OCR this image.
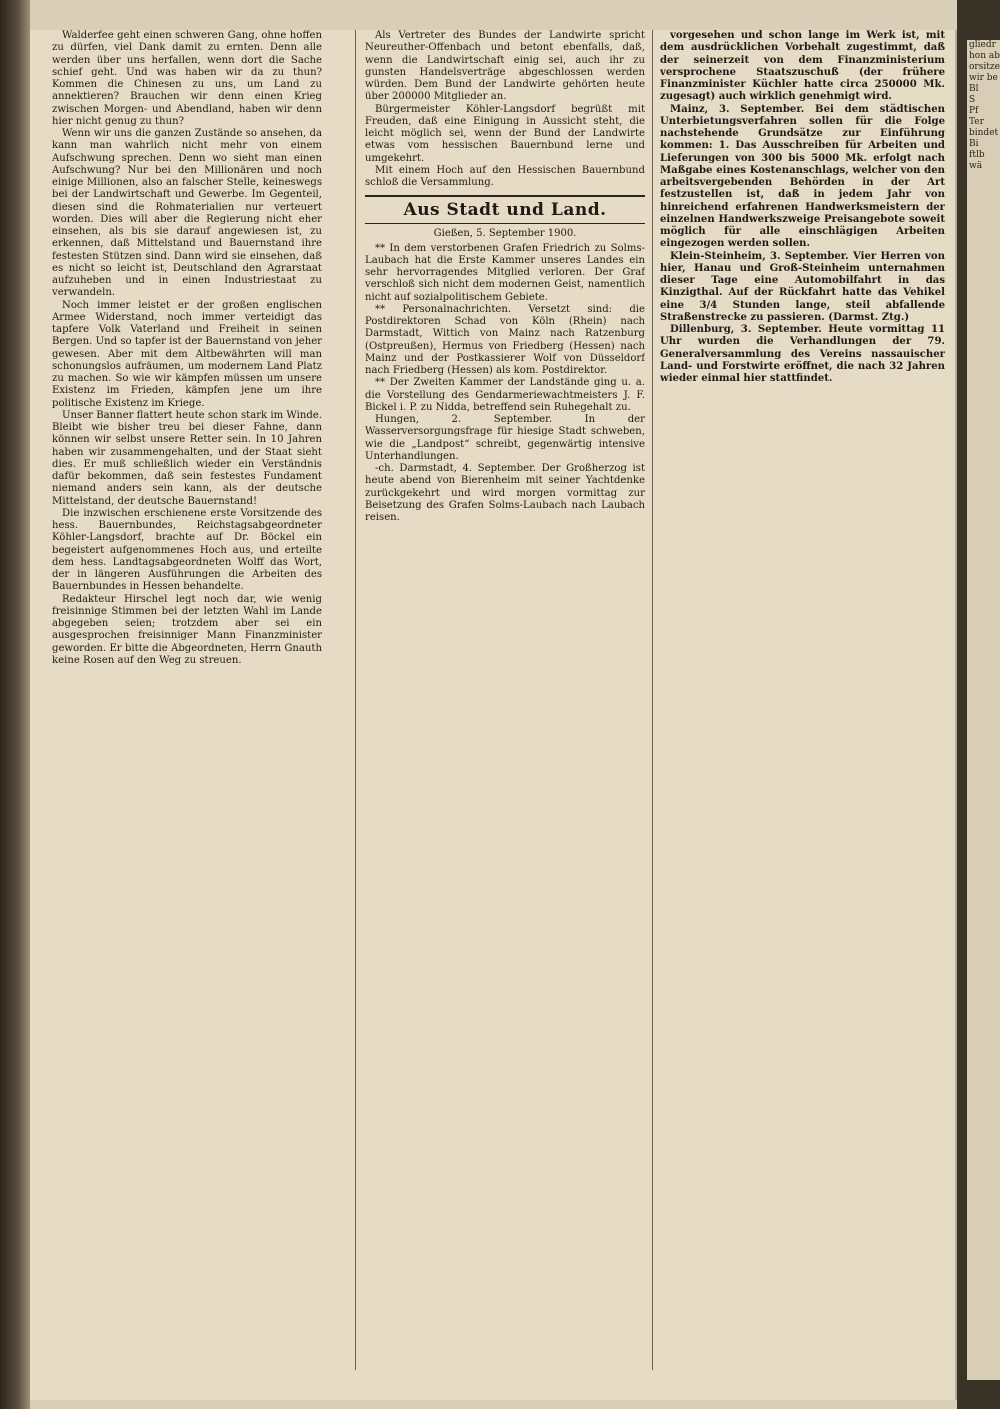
Walderfee geht einen schweren Gang, ohne hoffen zu dürfen, viel Dank damit zu ernten. Denn alle werden über uns herfallen, wenn dort die Sache schief geht. Und was haben wir da zu thun? Kommen die Chinesen zu uns, um Land zu annektieren? Brauchen wir denn einen Krieg zwischen Morgen- und Abendland, haben wir denn hier nicht genug zu thun?

Wenn wir uns die ganzen Zustände so ansehen, da kann man wahrlich nicht mehr von einem Aufschwung sprechen. Denn wo sieht man einen Aufschwung? Nur bei den Millionären und noch einige Millionen, also an falscher Stelle, keineswegs bei der Landwirtschaft und Gewerbe. Im Gegenteil, diesen sind die Rohmaterialien nur verteuert worden. Dies will aber die Regierung nicht eher einsehen, als bis sie darauf angewiesen ist, zu erkennen, daß Mittelstand und Bauernstand ihre festesten Stützen sind. Dann wird sie einsehen, daß es nicht so leicht ist, Deutschland den Agrarstaat aufzuheben und in einen Industriestaat zu verwandeln.

Noch immer leistet er der großen englischen Armee Widerstand, noch immer verteidigt das tapfere Volk Vaterland und Freiheit in seinen Bergen. Und so tapfer ist der Bauernstand von jeher gewesen. Aber mit dem Altbewährten will man schonungslos aufräumen, um modernem Land Platz zu machen. So wie wir kämpfen müssen um unsere Existenz im Frieden, kämpfen jene um ihre politische Existenz im Kriege.

Unser Banner flattert heute schon stark im Winde. Bleibt wie bisher treu bei dieser Fahne, dann können wir selbst unsere Retter sein. In 10 Jahren haben wir zusammengehalten, und der Staat sieht dies. Er muß schließlich wieder ein Verständnis dafür bekommen, daß sein festestes Fundament niemand anders sein kann, als der deutsche Mittelstand, der deutsche Bauernstand!

Die inzwischen erschienene erste Vorsitzende des hess. Bauernbundes, Reichstagsabgeordneter Köhler-Langsdorf, brachte auf Dr. Böckel ein begeistert aufgenommenes Hoch aus, und erteilte dem hess. Landtagsabgeordneten Wolff das Wort, der in längeren Ausführungen die Arbeiten des Bauernbundes in Hessen behandelte.

Redakteur Hirschel legt noch dar, wie wenig freisinnige Stimmen bei der letzten Wahl im Lande abgegeben seien; trotzdem aber sei ein ausgesprochen freisinniger Mann Finanzminister geworden. Er bitte die Abgeordneten, Herrn Gnauth keine Rosen auf den Weg zu streuen.

Als Vertreter des Bundes der Landwirte spricht Neureuther-Offenbach und betont ebenfalls, daß, wenn die Landwirtschaft einig sei, auch ihr zu gunsten Handelsverträge abgeschlossen werden würden. Dem Bund der Landwirte gehörten heute über 200000 Mitglieder an.

Bürgermeister Köhler-Langsdorf begrüßt mit Freuden, daß eine Einigung in Aussicht steht, die leicht möglich sei, wenn der Bund der Landwirte etwas vom hessischen Bauernbund lerne und umgekehrt.

Mit einem Hoch auf den Hessischen Bauernbund schloß die Versammlung.

Aus Stadt und Land.
Gießen, 5. September 1900.

** In dem verstorbenen Grafen Friedrich zu Solms-Laubach hat die Erste Kammer unseres Landes ein sehr hervorragendes Mitglied verloren. Der Graf verschloß sich nicht dem modernen Geist, namentlich nicht auf sozialpolitischem Gebiete.

** Personalnachrichten. Versetzt sind: die Postdirektoren Schad von Köln (Rhein) nach Darmstadt, Wittich von Mainz nach Ratzenburg (Ostpreußen), Hermus von Friedberg (Hessen) nach Mainz und der Postkassierer Wolf von Düsseldorf nach Friedberg (Hessen) als kom. Postdirektor.

** Der Zweiten Kammer der Landstände ging u. a. die Vorstellung des Gendarmeriewachtmeisters J. F. Bickel i. P. zu Nidda, betreffend sein Ruhegehalt zu.

Hungen, 2. September. In der Wasserversorgungsfrage für hiesige Stadt schweben, wie die „Landpost“ schreibt, gegenwärtig intensive Unterhandlungen.

-ch. Darmstadt, 4. September. Der Großherzog ist heute abend von Bierenheim mit seiner Yachtdenke zurückgekehrt und wird morgen vormittag zur Beisetzung des Grafen Solms-Laubach nach Laubach reisen.

vorgesehen und schon lange im Werk ist, mit dem ausdrücklichen Vorbehalt zugestimmt, daß der seinerzeit von dem Finanzministerium versprochene Staatszuschuß (der frühere Finanzminister Küchler hatte circa 250000 Mk. zugesagt) auch wirklich genehmigt wird.

Mainz, 3. September. Bei dem städtischen Unterbietungsverfahren sollen für die Folge nachstehende Grundsätze zur Einführung kommen: 1. Das Ausschreiben für Arbeiten und Lieferungen von 300 bis 5000 Mk. erfolgt nach Maßgabe eines Kostenanschlags, welcher von den arbeitsvergebenden Behörden in der Art festzustellen ist, daß in jedem Jahr von hinreichend erfahrenen Handwerksmeistern der einzelnen Handwerkszweige Preisangebote soweit möglich für alle einschlägigen Arbeiten eingezogen werden sollen.

Klein-Steinheim, 3. September. Vier Herren von hier, Hanau und Groß-Steinheim unternahmen dieser Tage eine Automobilfahrt in das Kinzigthal. Auf der Rückfahrt hatte das Vehikel eine 3/4 Stunden lange, steil abfallende Straßenstrecke zu passieren. (Darmst. Ztg.)

Dillenburg, 3. September. Heute vormittag 11 Uhr wurden die Verhandlungen der 79. Generalversammlung des Vereins nassauischer Land- und Forstwirte eröffnet, die nach 32 Jahren wieder einmal hier stattfindet.

gliedr
hon ab
orsitze
wir be
Bl
S
Pf
Ter
bindet
Bi
ftlb
wä
